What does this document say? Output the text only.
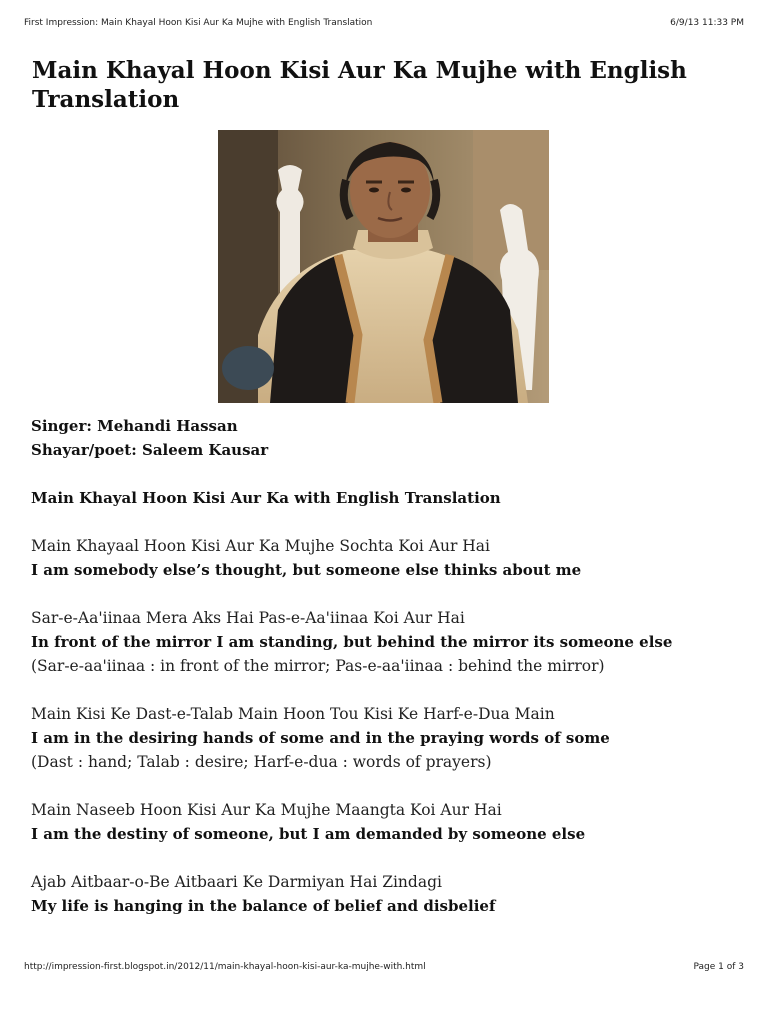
First Impression: Main Khayal Hoon Kisi Aur Ka Mujhe with English Translation	6/9/13 11:33 PM
Main Khayal Hoon Kisi Aur Ka Mujhe with English Translation
Singer: Mehandi Hassan
Shayar/poet: Saleem Kausar
Main Khayal Hoon Kisi Aur Ka with English Translation
Main Khayaal Hoon Kisi Aur Ka Mujhe Sochta Koi Aur Hai
I am somebody else’s thought, but someone else thinks about me
Sar-e-Aa'iinaa Mera Aks Hai Pas-e-Aa'iinaa Koi Aur Hai
In front of the mirror I am standing, but behind the mirror its someone else
(Sar-e-aa'iinaa : in front of the mirror; Pas-e-aa'iinaa : behind the mirror)
Main Kisi Ke Dast-e-Talab Main Hoon Tou Kisi Ke Harf-e-Dua Main
I am in the desiring hands of some and in the praying words of some
(Dast : hand; Talab : desire; Harf-e-dua : words of prayers)
Main Naseeb Hoon Kisi Aur Ka Mujhe Maangta Koi Aur Hai
I am the destiny of someone, but I am demanded by someone else
Ajab Aitbaar-o-Be Aitbaari Ke Darmiyan Hai Zindagi
My life is hanging in the balance of belief and disbelief
http://impression-first.blogspot.in/2012/11/main-khayal-hoon-kisi-aur-ka-mujhe-with.html	Page 1 of 3
